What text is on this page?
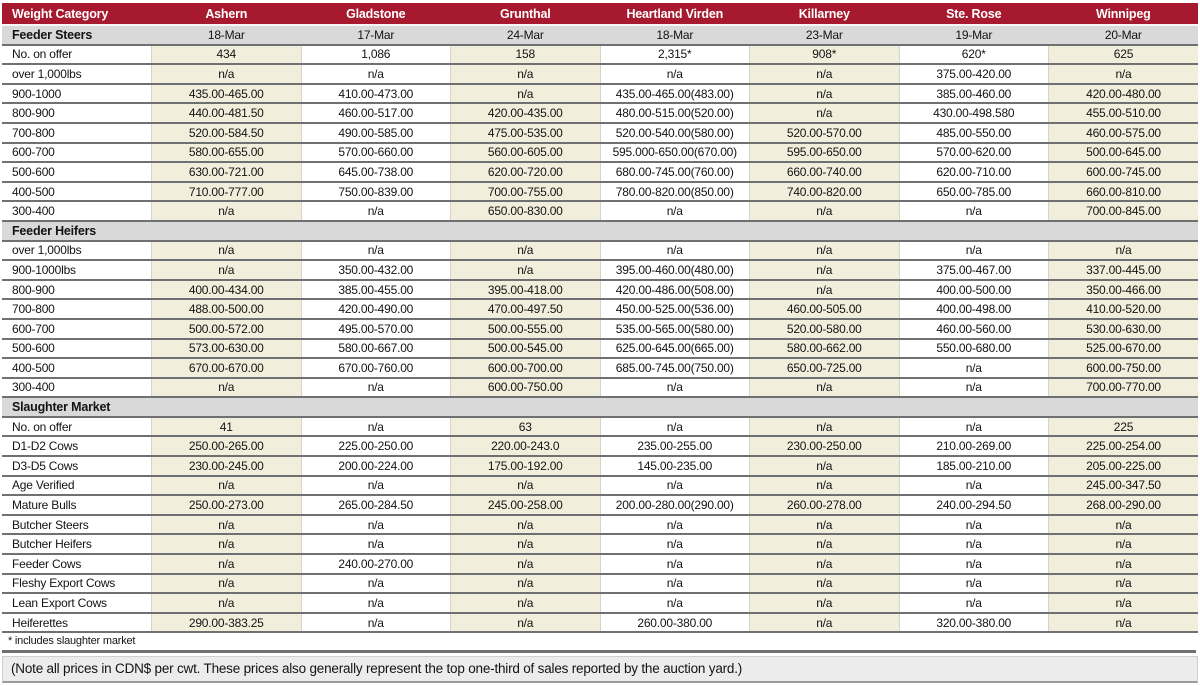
Weight Category	Ashern	Gladstone	Grunthal	Heartland Virden	Killarney	Ste. Rose	Winnipeg
Feeder Steers	18-Mar	17-Mar	24-Mar	18-Mar	23-Mar	19-Mar	20-Mar
No. on offer	434	1,086	158	2,315*	908*	620*	625
over 1,000lbs	n/a	n/a	n/a	n/a	n/a	375.00-420.00	n/a
900-1000	435.00-465.00	410.00-473.00	n/a	435.00-465.00(483.00)	n/a	385.00-460.00	420.00-480.00
800-900	440.00-481.50	460.00-517.00	420.00-435.00	480.00-515.00(520.00)	n/a	430.00-498.580	455.00-510.00
700-800	520.00-584.50	490.00-585.00	475.00-535.00	520.00-540.00(580.00)	520.00-570.00	485.00-550.00	460.00-575.00
600-700	580.00-655.00	570.00-660.00	560.00-605.00	595.000-650.00(670.00)	595.00-650.00	570.00-620.00	500.00-645.00
500-600	630.00-721.00	645.00-738.00	620.00-720.00	680.00-745.00(760.00)	660.00-740.00	620.00-710.00	600.00-745.00
400-500	710.00-777.00	750.00-839.00	700.00-755.00	780.00-820.00(850.00)	740.00-820.00	650.00-785.00	660.00-810.00
300-400	n/a	n/a	650.00-830.00	n/a	n/a	n/a	700.00-845.00
Feeder Heifers							
over 1,000lbs	n/a	n/a	n/a	n/a	n/a	n/a	n/a
900-1000lbs	n/a	350.00-432.00	n/a	395.00-460.00(480.00)	n/a	375.00-467.00	337.00-445.00
800-900	400.00-434.00	385.00-455.00	395.00-418.00	420.00-486.00(508.00)	n/a	400.00-500.00	350.00-466.00
700-800	488.00-500.00	420.00-490.00	470.00-497.50	450.00-525.00(536.00)	460.00-505.00	400.00-498.00	410.00-520.00
600-700	500.00-572.00	495.00-570.00	500.00-555.00	535.00-565.00(580.00)	520.00-580.00	460.00-560.00	530.00-630.00
500-600	573.00-630.00	580.00-667.00	500.00-545.00	625.00-645.00(665.00)	580.00-662.00	550.00-680.00	525.00-670.00
400-500	670.00-670.00	670.00-760.00	600.00-700.00	685.00-745.00(750.00)	650.00-725.00	n/a	600.00-750.00
300-400	n/a	n/a	600.00-750.00	n/a	n/a	n/a	700.00-770.00
Slaughter Market							
No. on offer	41	n/a	63	n/a	n/a	n/a	225
D1-D2 Cows	250.00-265.00	225.00-250.00	220.00-243.0	235.00-255.00	230.00-250.00	210.00-269.00	225.00-254.00
D3-D5 Cows	230.00-245.00	200.00-224.00	175.00-192.00	145.00-235.00	n/a	185.00-210.00	205.00-225.00
Age Verified	n/a	n/a	n/a	n/a	n/a	n/a	245.00-347.50
Mature Bulls	250.00-273.00	265.00-284.50	245.00-258.00	200.00-280.00(290.00)	260.00-278.00	240.00-294.50	268.00-290.00
Butcher Steers	n/a	n/a	n/a	n/a	n/a	n/a	n/a
Butcher Heifers	n/a	n/a	n/a	n/a	n/a	n/a	n/a
Feeder Cows	n/a	240.00-270.00	n/a	n/a	n/a	n/a	n/a
Fleshy Export Cows	n/a	n/a	n/a	n/a	n/a	n/a	n/a
Lean Export Cows	n/a	n/a	n/a	n/a	n/a	n/a	n/a
Heiferettes	290.00-383.25	n/a	n/a	260.00-380.00	n/a	320.00-380.00	n/a
* includes slaughter market
(Note all prices in CDN$ per cwt. These prices also generally represent the top one-third of sales reported by the auction yard.)
